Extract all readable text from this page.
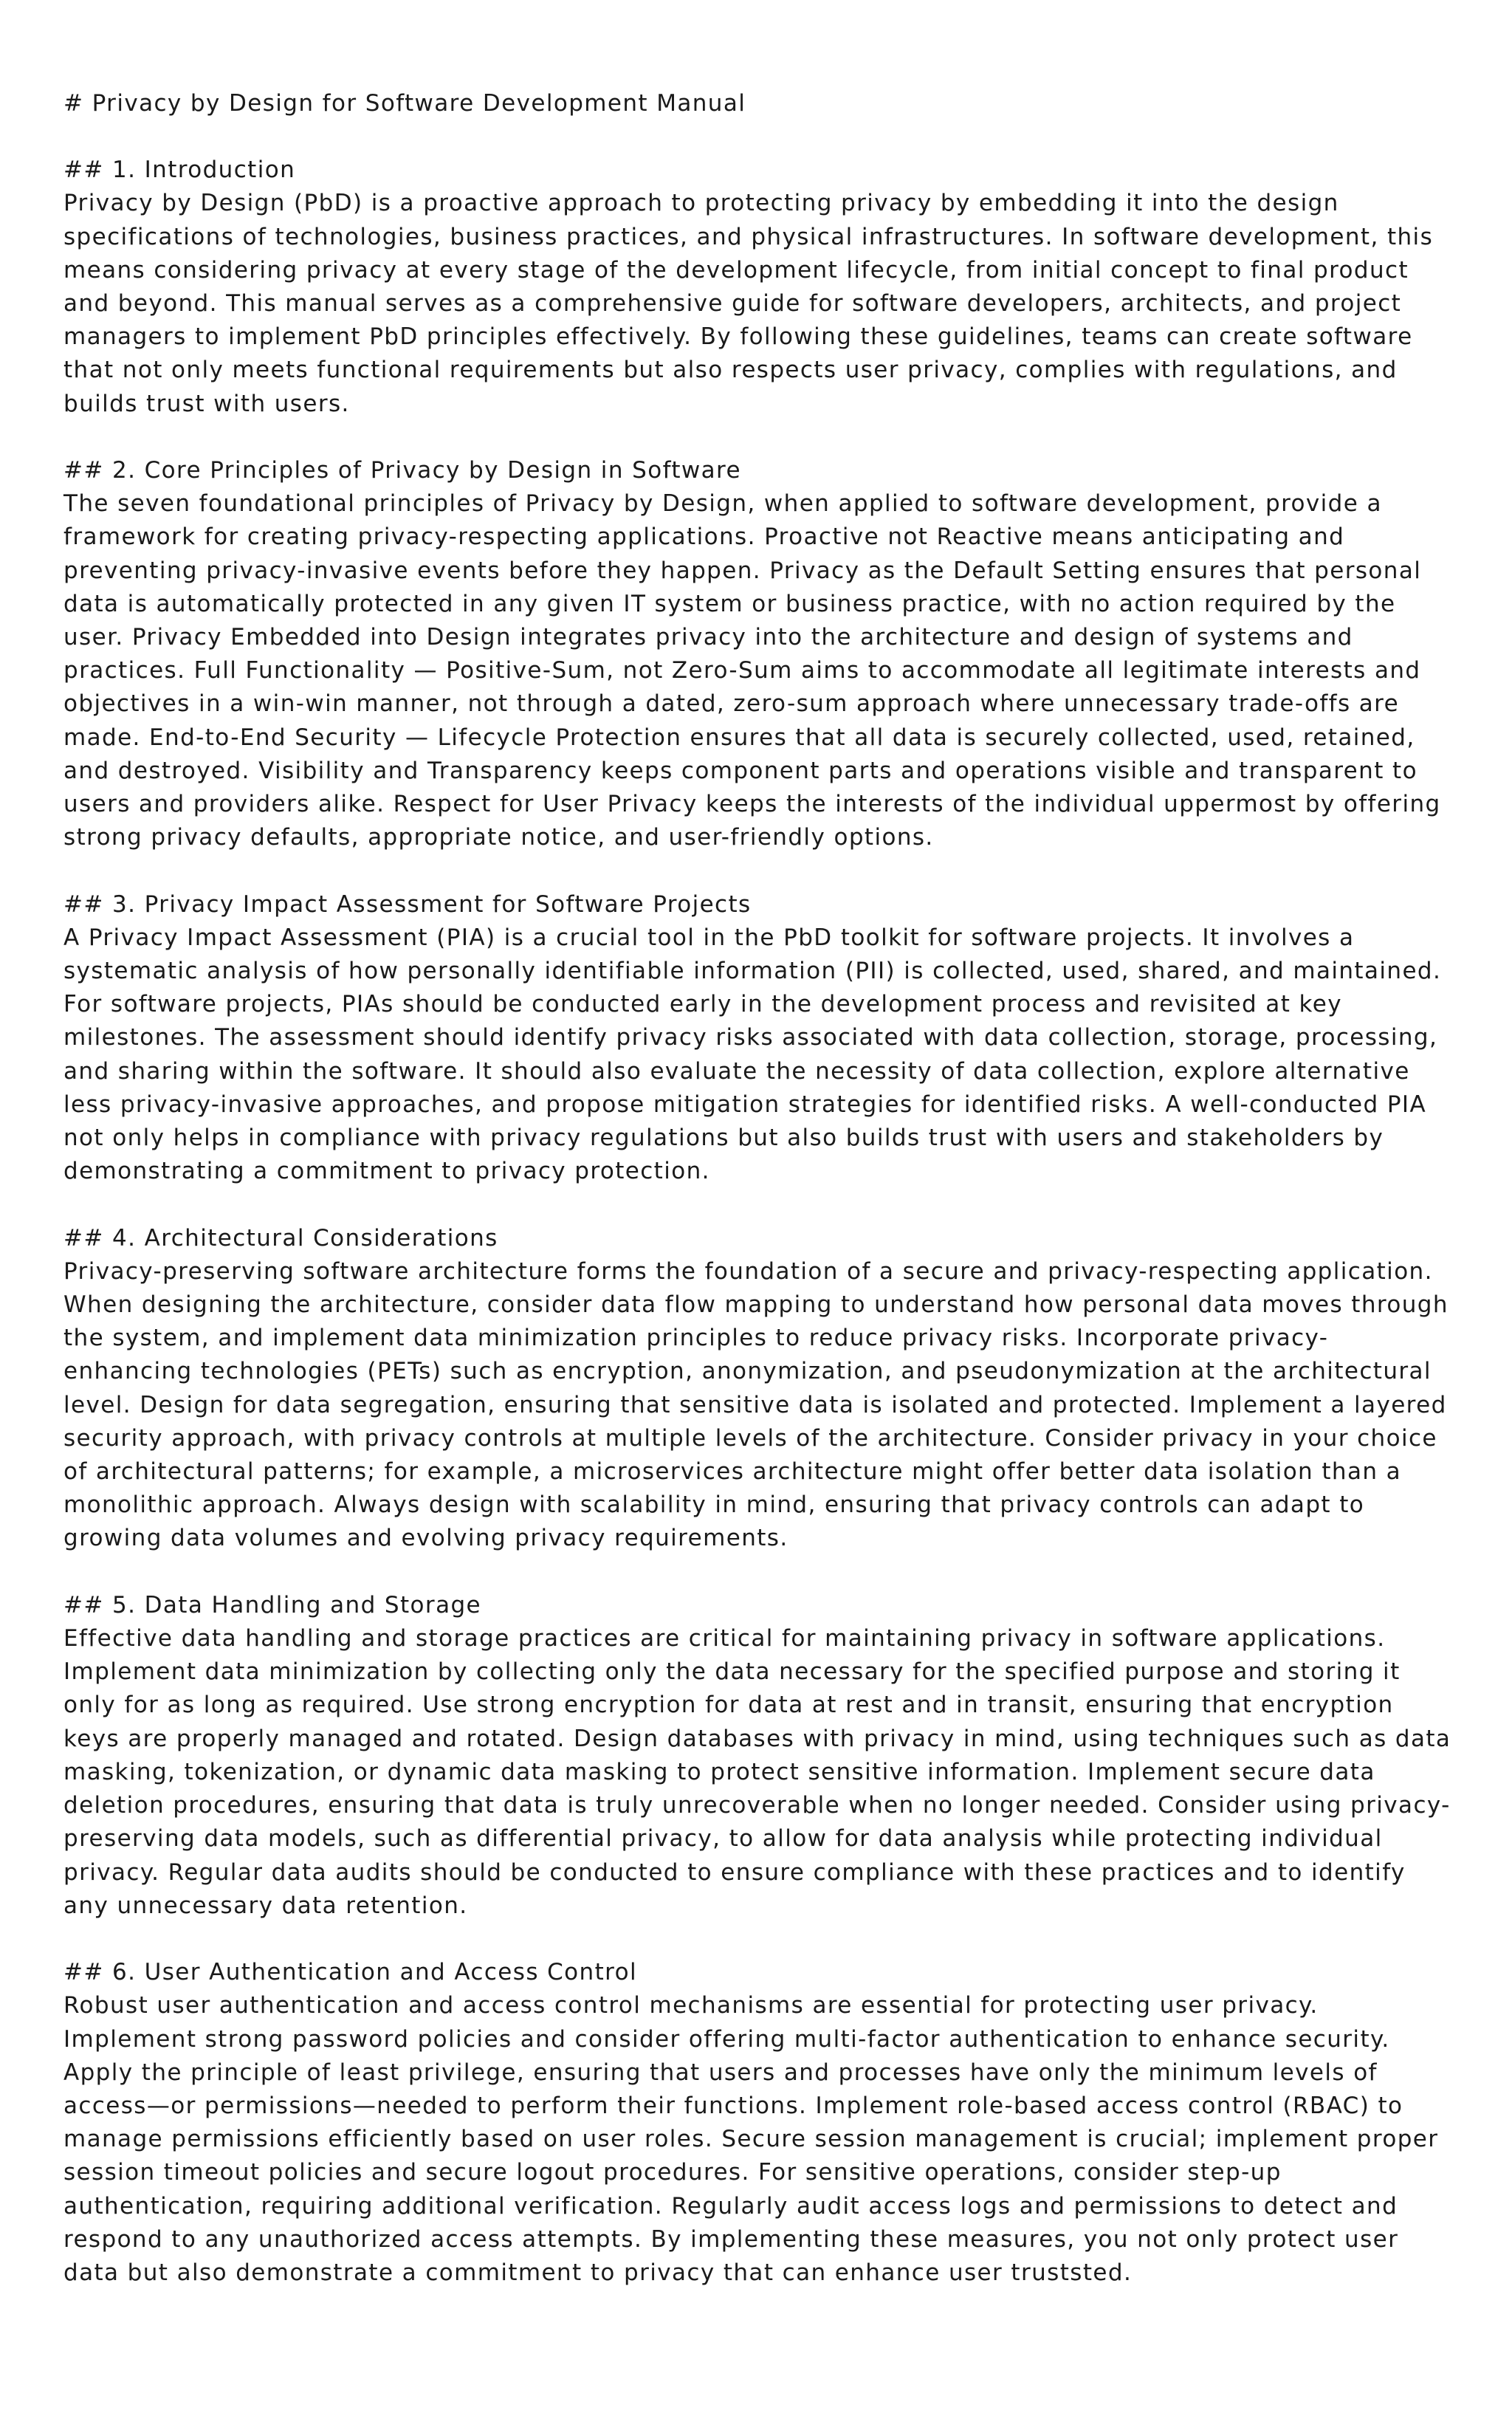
# Privacy by Design for Software Development Manual
## 1. Introduction

Privacy by Design (PbD) is a proactive approach to protecting privacy by embedding it into the design specifications of technologies, business practices, and physical infrastructures. In software development, this means considering privacy at every stage of the development lifecycle, from initial concept to final product and beyond. This manual serves as a comprehensive guide for software developers, architects, and project managers to implement PbD principles effectively. By following these guidelines, teams can create software that not only meets functional requirements but also respects user privacy, complies with regulations, and builds trust with users.

## 2. Core Principles of Privacy by Design in Software

The seven foundational principles of Privacy by Design, when applied to software development, provide a framework for creating privacy-respecting applications. Proactive not Reactive means anticipating and preventing privacy-invasive events before they happen. Privacy as the Default Setting ensures that personal data is automatically protected in any given IT system or business practice, with no action required by the user. Privacy Embedded into Design integrates privacy into the architecture and design of systems and practices. Full Functionality — Positive-Sum, not Zero-Sum aims to accommodate all legitimate interests and objectives in a win-win manner, not through a dated, zero-sum approach where unnecessary trade-offs are made. End-to-End Security — Lifecycle Protection ensures that all data is securely collected, used, retained, and destroyed. Visibility and Transparency keeps component parts and operations visible and transparent to users and providers alike. Respect for User Privacy keeps the interests of the individual uppermost by offering strong privacy defaults, appropriate notice, and user-friendly options.

## 3. Privacy Impact Assessment for Software Projects

A Privacy Impact Assessment (PIA) is a crucial tool in the PbD toolkit for software projects. It involves a systematic analysis of how personally identifiable information (PII) is collected, used, shared, and maintained. For software projects, PIAs should be conducted early in the development process and revisited at key milestones. The assessment should identify privacy risks associated with data collection, storage, processing, and sharing within the software. It should also evaluate the necessity of data collection, explore alternative less privacy-invasive approaches, and propose mitigation strategies for identified risks. A well-conducted PIA not only helps in compliance with privacy regulations but also builds trust with users and stakeholders by demonstrating a commitment to privacy protection.

## 4. Architectural Considerations

Privacy-preserving software architecture forms the foundation of a secure and privacy-respecting application. When designing the architecture, consider data flow mapping to understand how personal data moves through the system, and implement data minimization principles to reduce privacy risks. Incorporate privacy-enhancing technologies (PETs) such as encryption, anonymization, and pseudonymization at the architectural level. Design for data segregation, ensuring that sensitive data is isolated and protected. Implement a layered security approach, with privacy controls at multiple levels of the architecture. Consider privacy in your choice of architectural patterns; for example, a microservices architecture might offer better data isolation than a monolithic approach. Always design with scalability in mind, ensuring that privacy controls can adapt to growing data volumes and evolving privacy requirements.

## 5. Data Handling and Storage

Effective data handling and storage practices are critical for maintaining privacy in software applications. Implement data minimization by collecting only the data necessary for the specified purpose and storing it only for as long as required. Use strong encryption for data at rest and in transit, ensuring that encryption keys are properly managed and rotated. Design databases with privacy in mind, using techniques such as data masking, tokenization, or dynamic data masking to protect sensitive information. Implement secure data deletion procedures, ensuring that data is truly unrecoverable when no longer needed. Consider using privacy-preserving data models, such as differential privacy, to allow for data analysis while protecting individual privacy. Regular data audits should be conducted to ensure compliance with these practices and to identify any unnecessary data retention.

## 6. User Authentication and Access Control

Robust user authentication and access control mechanisms are essential for protecting user privacy. Implement strong password policies and consider offering multi-factor authentication to enhance security. Apply the principle of least privilege, ensuring that users and processes have only the minimum levels of access—or permissions—needed to perform their functions. Implement role-based access control (RBAC) to manage permissions efficiently based on user roles. Secure session management is crucial; implement proper session timeout policies and secure logout procedures. For sensitive operations, consider step-up authentication, requiring additional verification. Regularly audit access logs and permissions to detect and respond to any unauthorized access attempts. By implementing these measures, you not only protect user data but also demonstrate a commitment to privacy that can enhance user truststed.
